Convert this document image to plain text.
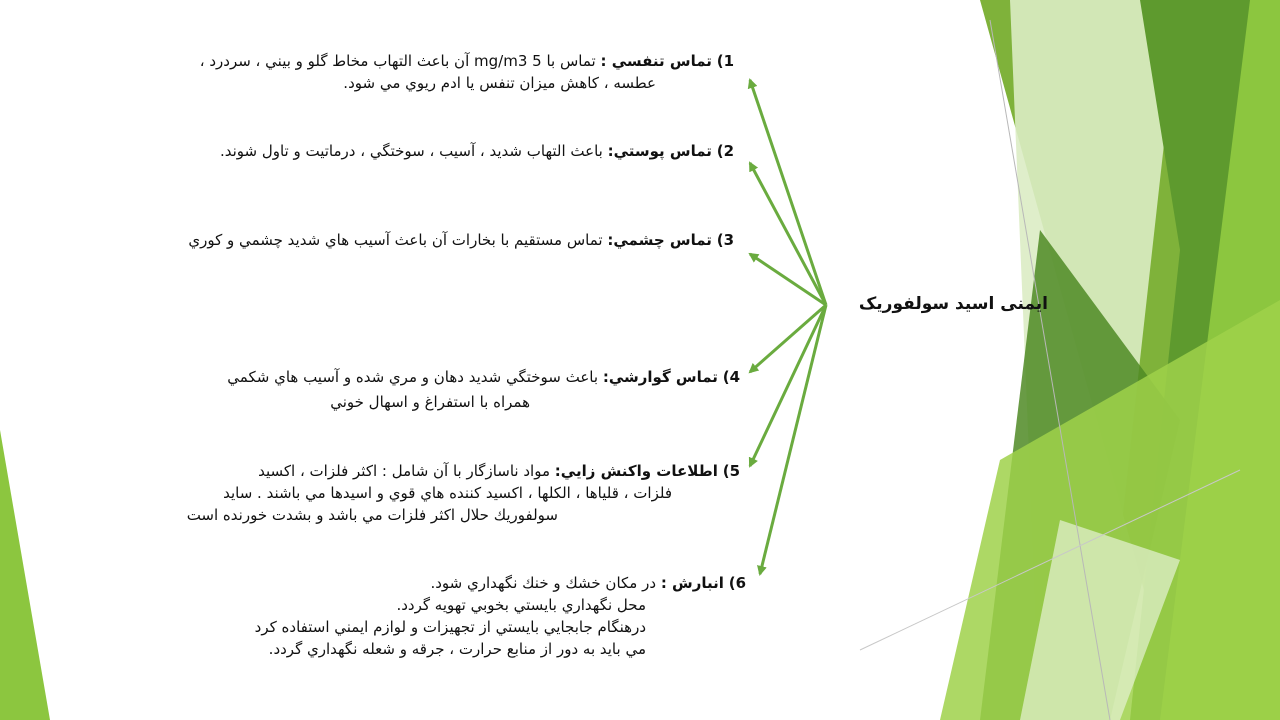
ایمنی اسید سولفوریک
1) تماس تنفسي : تماس با mg/m3 5 آن باعث التهاب مخاط گلو و بيني ، سردرد ،
عطسه ، كاهش ميزان تنفس يا ادم ريوي مي شود.
2) تماس پوستي: باعث التهاب شديد ، آسيب ، سوختگي ، درماتيت و تاول شوند.
3) تماس چشمي: تماس مستقيم با بخارات آن باعث آسيب هاي شديد چشمي و كوري
4) تماس گوارشي: باعث سوختگي شديد دهان و مري شده و آسيب هاي شكمي
همراه با استفراغ و اسهال خوني
5) اطلاعات واكنش زايي: مواد ناسازگار با آن شامل : اكثر فلزات ، اكسيد
فلزات ، قلياها ، الكلها ، اكسيد كننده هاي قوي و اسيدها مي باشند . سايد
سولفوريك حلال اكثر فلزات مي باشد و بشدت خورنده است
6) انبارش : در مكان خشك و خنك نگهداري شود.
محل نگهداري بايستي بخوبي تهويه گردد.
درهنگام جابجايي بايستي از تجهيزات و لوازم ايمني استفاده كرد
مي بايد به دور از منابع حرارت ، جرقه و شعله نگهداري گردد.
